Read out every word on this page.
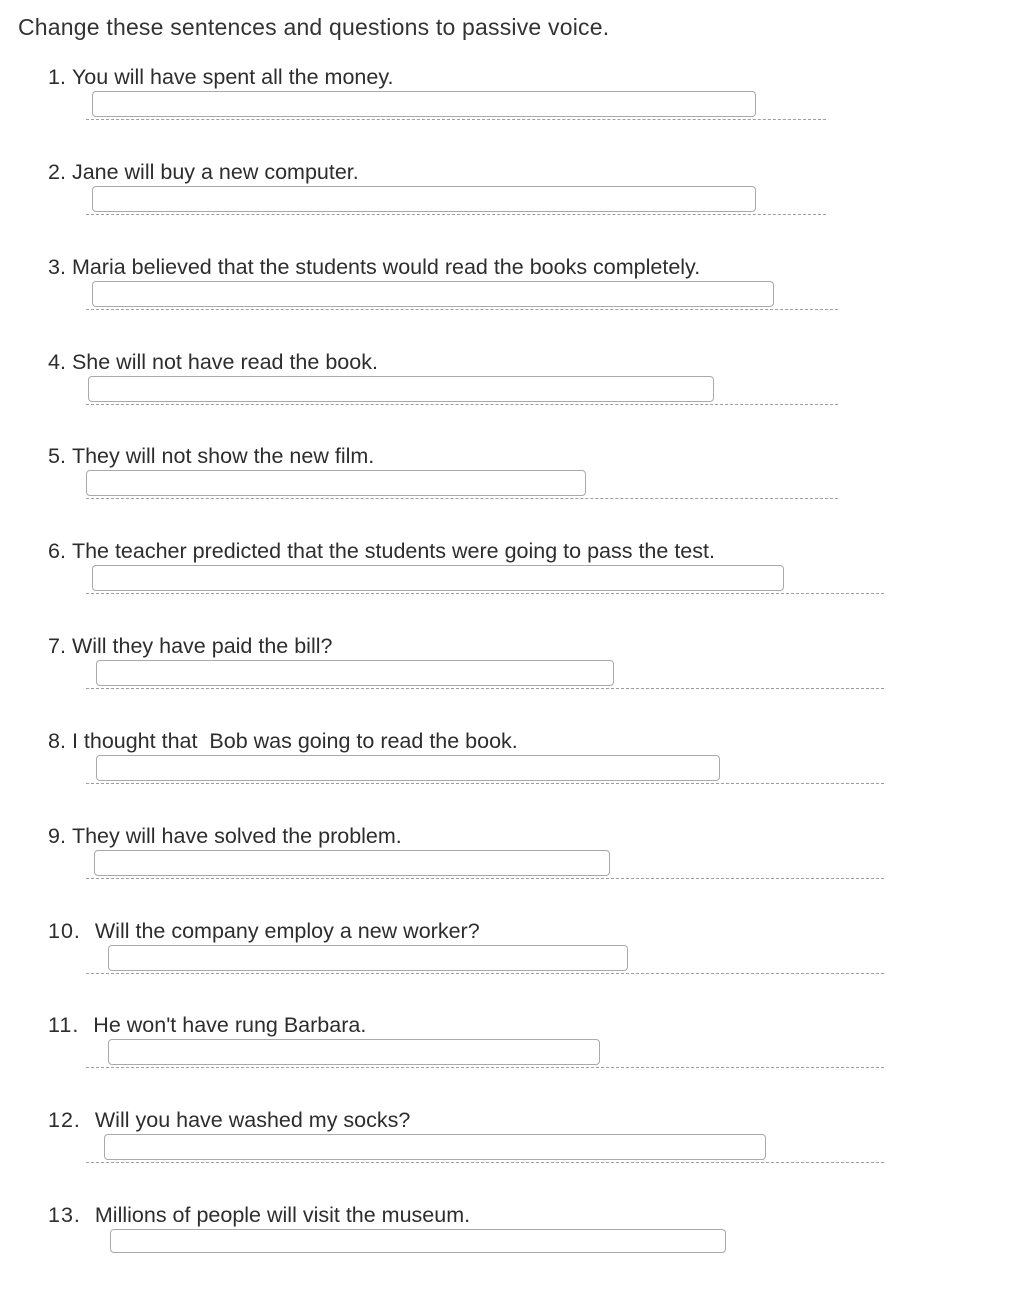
Change these sentences and questions to passive voice.
1. You will have spent all the money.
2. Jane will buy a new computer.
3. Maria believed that the students would read the books completely.
4. She will not have read the book.
5. They will not show the new film.
6. The teacher predicted that the students were going to pass the test.
7. Will they have paid the bill?
8. I thought that  Bob was going to read the book.
9. They will have solved the problem.
10. Will the company employ a new worker?
11. He won't have rung Barbara.
12. Will you have washed my socks?
13. Millions of people will visit the museum.
